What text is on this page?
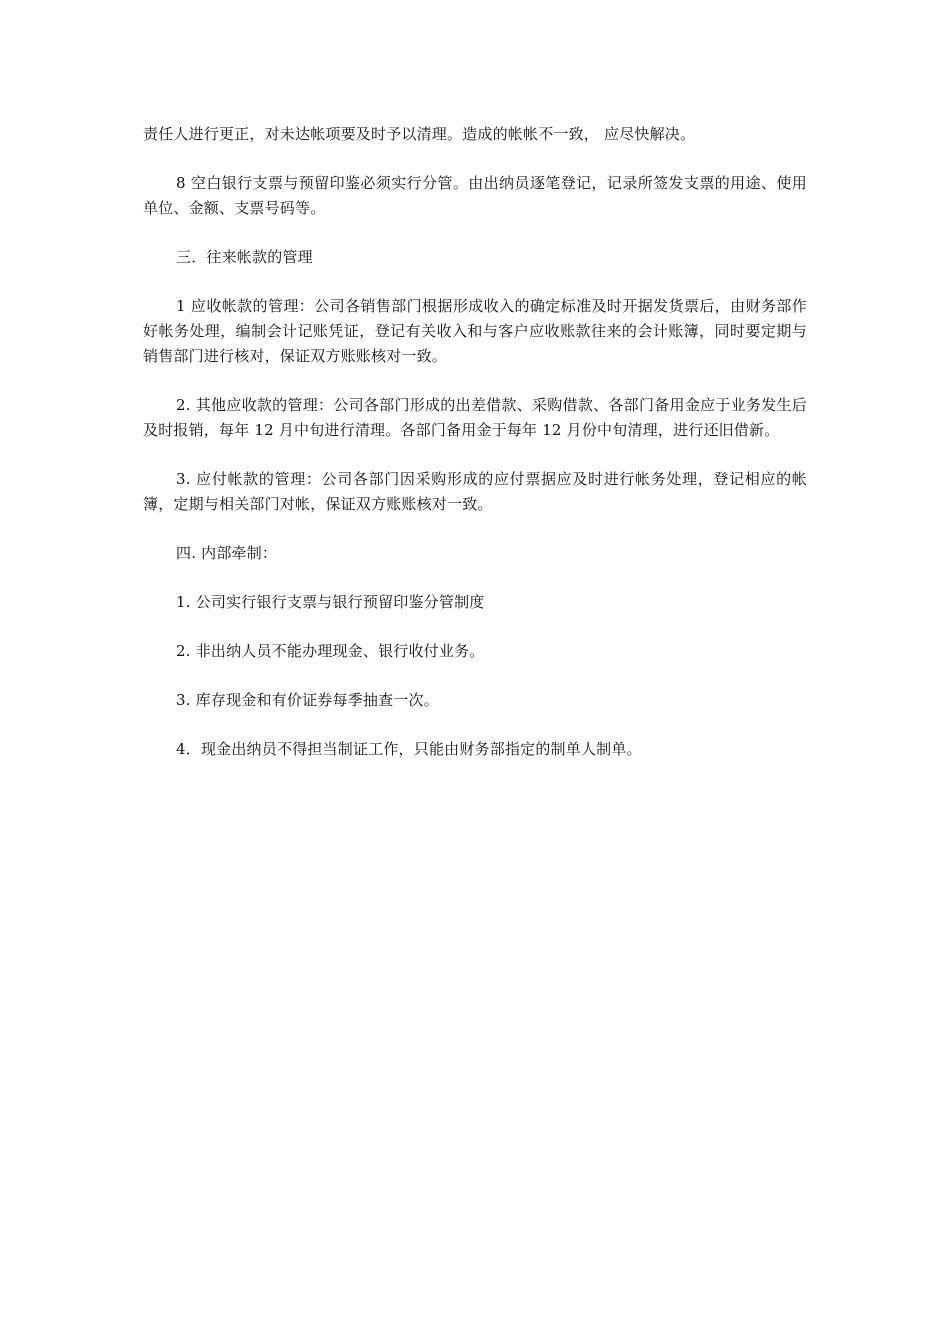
责任人进行更正，对未达帐项要及时予以清理。造成的帐帐不一致， 应尽快解决。

8 空白银行支票与预留印鉴必须实行分管。由出纳员逐笔登记，记录所签发支票的用途、使用单位、金额、支票号码等。

三．往来帐款的管理

1 应收帐款的管理：公司各销售部门根据形成收入的确定标准及时开据发货票后，由财务部作好帐务处理，编制会计记账凭证，登记有关收入和与客户应收账款往来的会计账簿，同时要定期与销售部门进行核对，保证双方账账核对一致。

2. 其他应收款的管理：公司各部门形成的出差借款、采购借款、各部门备用金应于业务发生后及时报销，每年 12 月中旬进行清理。各部门备用金于每年 12 月份中旬清理，进行还旧借新。

3. 应付帐款的管理：公司各部门因采购形成的应付票据应及时进行帐务处理，登记相应的帐簿，定期与相关部门对帐，保证双方账账核对一致。

四. 内部牵制：

1. 公司实行银行支票与银行预留印鉴分管制度

2. 非出纳人员不能办理现金、银行收付业务。

3. 库存现金和有价证券每季抽查一次。

4．现金出纳员不得担当制证工作，只能由财务部指定的制单人制单。
